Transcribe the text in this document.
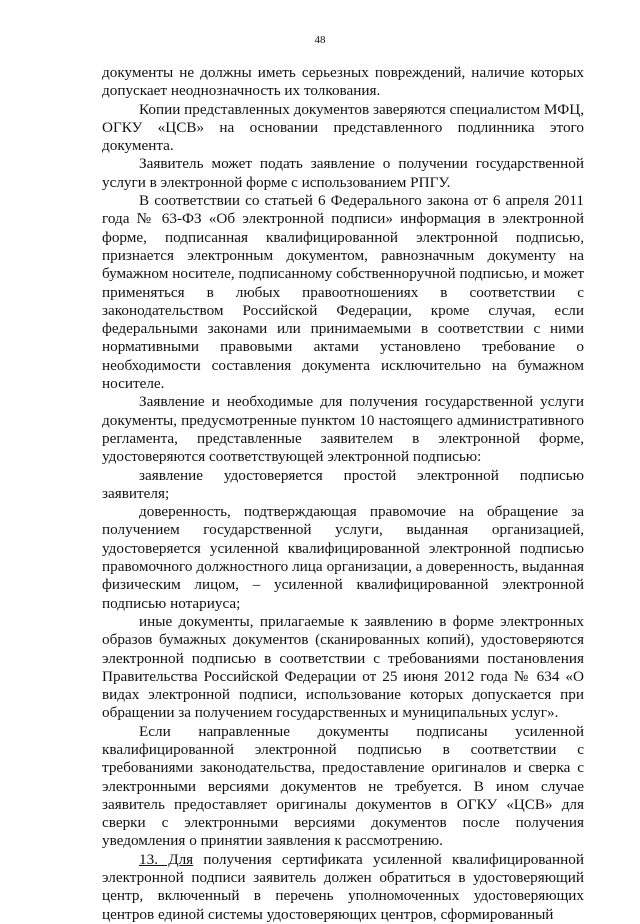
48

документы не должны иметь серьезных повреждений, наличие которых допускает неоднозначность их толкования.

Копии представленных документов заверяются специалистом МФЦ, ОГКУ «ЦСВ» на основании представленного подлинника этого документа.

Заявитель может подать заявление о получении государственной услуги в электронной форме с использованием РПГУ.

В соответствии со статьей 6 Федерального закона от 6 апреля 2011 года № 63-ФЗ «Об электронной подписи» информация в электронной форме, подписанная квалифицированной электронной подписью, признается электронным документом, равнозначным документу на бумажном носителе, подписанному собственноручной подписью, и может применяться в любых правоотношениях в соответствии с законодательством Российской Федерации, кроме случая, если федеральными законами или принимаемыми в соответствии с ними нормативными правовыми актами установлено требование о необходимости составления документа исключительно на бумажном носителе.

Заявление и необходимые для получения государственной услуги документы, предусмотренные пунктом 10 настоящего административного регламента, представленные заявителем в электронной форме, удостоверяются соответствующей электронной подписью:

заявление удостоверяется простой электронной подписью заявителя;

доверенность, подтверждающая правомочие на обращение за получением государственной услуги, выданная организацией, удостоверяется усиленной квалифицированной электронной подписью правомочного должностного лица организации, а доверенность, выданная физическим лицом, – усиленной квалифицированной электронной подписью нотариуса;

иные документы, прилагаемые к заявлению в форме электронных образов бумажных документов (сканированных копий), удостоверяются электронной подписью в соответствии с требованиями постановления Правительства Российской Федерации от 25 июня 2012 года № 634 «О видах электронной подписи, использование которых допускается при обращении за получением государственных и муниципальных услуг».

Если направленные документы подписаны усиленной квалифицированной электронной подписью в соответствии с требованиями законодательства, предоставление оригиналов и сверка с электронными версиями документов не требуется. В ином случае заявитель предоставляет оригиналы документов в ОГКУ «ЦСВ» для сверки с электронными версиями документов после получения уведомления о принятии заявления к рассмотрению.

13. Для получения сертификата усиленной квалифицированной электронной подписи заявитель должен обратиться в удостоверяющий центр, включенный в перечень уполномоченных удостоверяющих центров единой системы удостоверяющих центров, сформированный
